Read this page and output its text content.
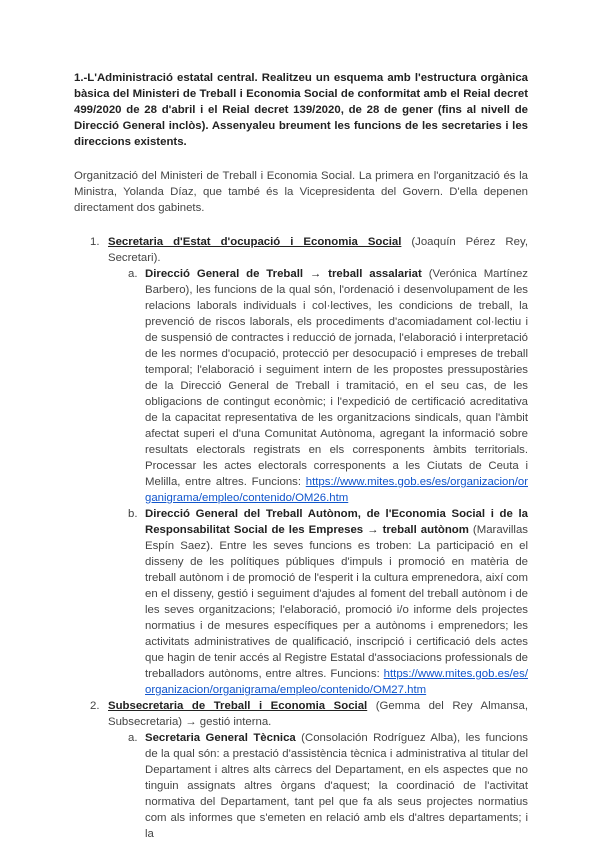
1.-L'Administració estatal central. Realitzeu un esquema amb l'estructura orgànica bàsica del Ministeri de Treball i Economia Social de conformitat amb el Reial decret 499/2020 de 28 d'abril i el Reial decret 139/2020, de 28 de gener (fins al nivell de Direcció General inclòs). Assenyaleu breument les funcions de les secretaries i les direccions existents.

Organització del Ministeri de Treball i Economia Social. La primera en l'organització és la Ministra, Yolanda Díaz, que també és la Vicepresidenta del Govern. D'ella depenen directament dos gabinets.

1. Secretaria d'Estat d'ocupació i Economia Social (Joaquín Pérez Rey, Secretari).
a. Direcció General de Treball → treball assalariat (Verónica Martínez Barbero), les funcions de la qual són, l'ordenació i desenvolupament de les relacions laborals individuals i col·lectives, les condicions de treball, la prevenció de riscos laborals, els procediments d'acomiadament col·lectiu i de suspensió de contractes i reducció de jornada, l'elaboració i interpretació de les normes d'ocupació, protecció per desocupació i empreses de treball temporal; l'elaboració i seguiment intern de les propostes pressupostàries de la Direcció General de Treball i tramitació, en el seu cas, de les obligacions de contingut econòmic; i l'expedició de certificació acreditativa de la capacitat representativa de les organitzacions sindicals, quan l'àmbit afectat superi el d'una Comunitat Autònoma, agregant la informació sobre resultats electorals registrats en els corresponents àmbits territorials. Processar les actes electorals corresponents a les Ciutats de Ceuta i Melilla, entre altres. Funcions: https://www.mites.gob.es/es/organizacion/organigrama/empleo/contenido/OM26.htm
b. Direcció General del Treball Autònom, de l'Economia Social i de la Responsabilitat Social de les Empreses → treball autònom (Maravillas Espín Saez). Entre les seves funcions es troben: La participació en el disseny de les polítiques públiques d'impuls i promoció en matèria de treball autònom i de promoció de l'esperit i la cultura emprenedora, així com en el disseny, gestió i seguiment d'ajudes al foment del treball autònom i de les seves organitzacions; l'elaboració, promoció i/o informe dels projectes normatius i de mesures específiques per a autònoms i emprenedors; les activitats administratives de qualificació, inscripció i certificació dels actes que hagin de tenir accés al Registre Estatal d'associacions professionals de treballadors autònoms, entre altres. Funcions: https://www.mites.gob.es/es/organizacion/organigrama/empleo/contenido/OM27.htm
2. Subsecretaria de Treball i Economia Social (Gemma del Rey Almansa, Subsecretaria) → gestió interna.
a. Secretaria General Tècnica (Consolación Rodríguez Alba), les funcions de la qual són: a prestació d'assistència tècnica i administrativa al titular del Departament i altres alts càrrecs del Departament, en els aspectes que no tinguin assignats altres òrgans d'aquest; la coordinació de l'activitat normativa del Departament, tant pel que fa als seus projectes normatius com als informes que s'emeten en relació amb els d'altres departaments; i la
